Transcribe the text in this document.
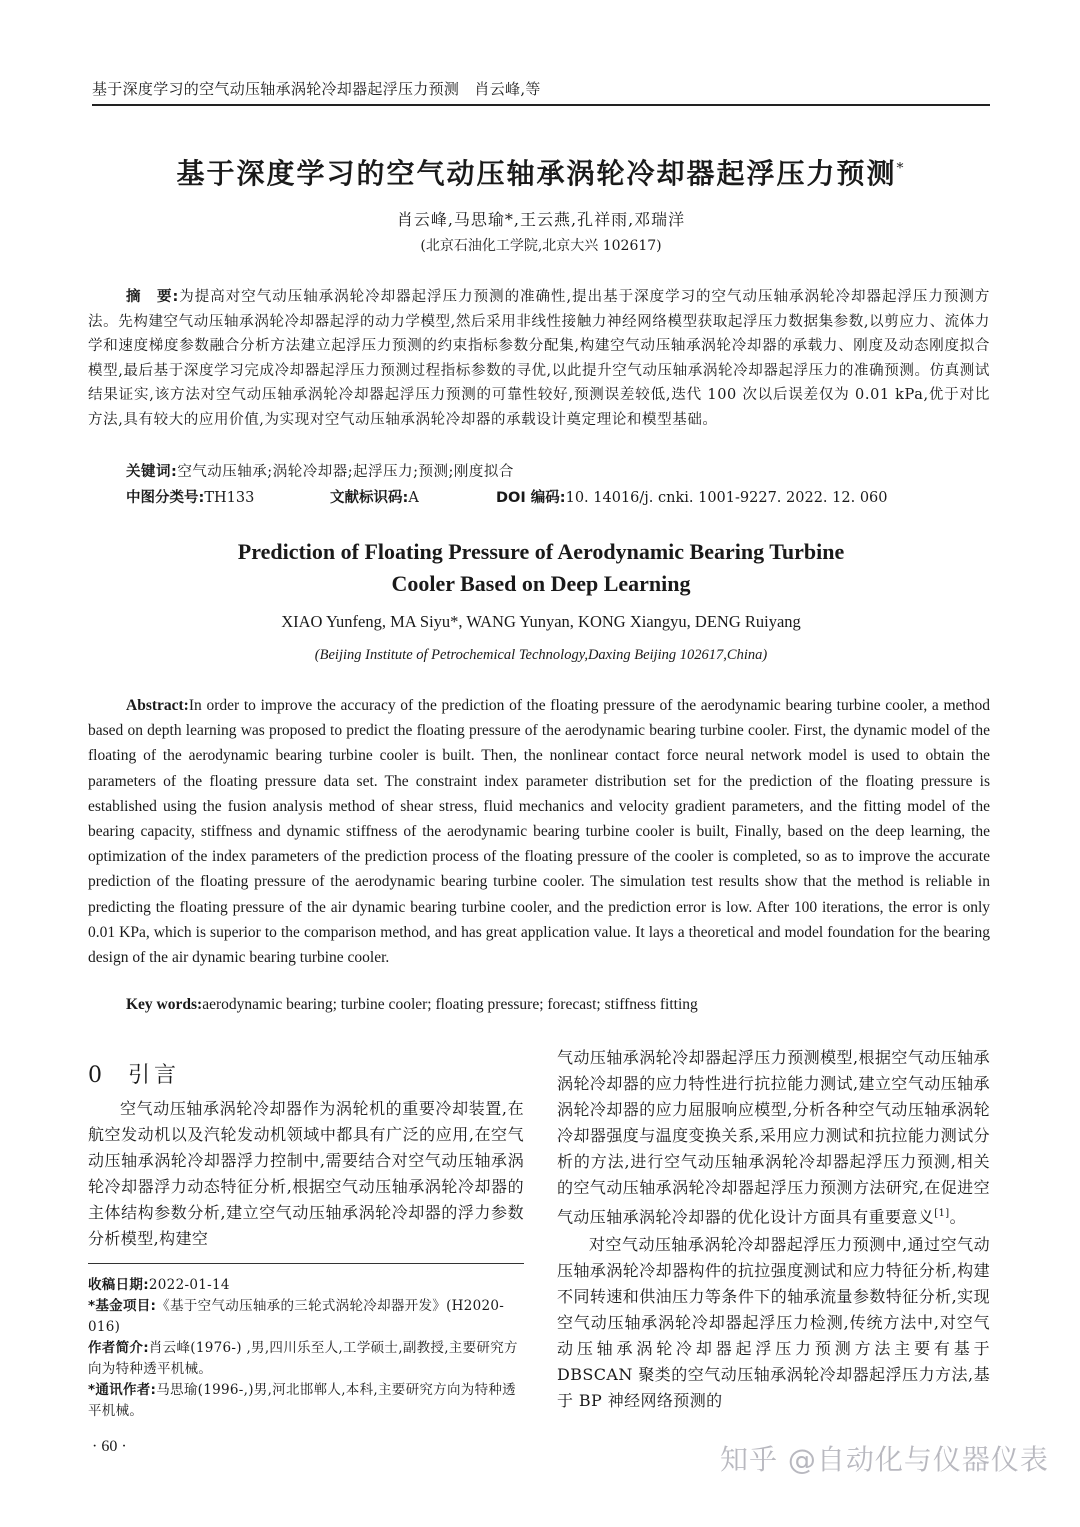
基于深度学习的空气动压轴承涡轮冷却器起浮压力预测 肖云峰,等
基于深度学习的空气动压轴承涡轮冷却器起浮压力预测*
肖云峰,马思瑜*,王云燕,孔祥雨,邓瑞洋
(北京石油化工学院,北京大兴 102617)
摘　要:为提高对空气动压轴承涡轮冷却器起浮压力预测的准确性,提出基于深度学习的空气动压轴承涡轮冷却器起浮压力预测方法。先构建空气动压轴承涡轮冷却器起浮的动力学模型,然后采用非线性接触力神经网络模型获取起浮压力数据集参数,以剪应力、流体力学和速度梯度参数融合分析方法建立起浮压力预测的约束指标参数分配集,构建空气动压轴承涡轮冷却器的承载力、刚度及动态刚度拟合模型,最后基于深度学习完成冷却器起浮压力预测过程指标参数的寻优,以此提升空气动压轴承涡轮冷却器起浮压力的准确预测。仿真测试结果证实,该方法对空气动压轴承涡轮冷却器起浮压力预测的可靠性较好,预测误差较低,迭代 100 次以后误差仅为 0.01 kPa,优于对比方法,具有较大的应用价值,为实现对空气动压轴承涡轮冷却器的承载设计奠定理论和模型基础。
关键词:空气动压轴承;涡轮冷却器;起浮压力;预测;刚度拟合
中图分类号:TH133	文献标识码:A	DOI 编码:10. 14016/j. cnki. 1001-9227. 2022. 12. 060
Prediction of Floating Pressure of Aerodynamic Bearing Turbine
Cooler Based on Deep Learning
XIAO Yunfeng, MA Siyu*, WANG Yunyan, KONG Xiangyu, DENG Ruiyang
(Beijing Institute of Petrochemical Technology,Daxing Beijing 102617,China)
Abstract:In order to improve the accuracy of the prediction of the floating pressure of the aerodynamic bearing turbine cooler, a method based on depth learning was proposed to predict the floating pressure of the aerodynamic bearing turbine cooler. First, the dynamic model of the floating of the aerodynamic bearing turbine cooler is built. Then, the nonlinear contact force neural network model is used to obtain the parameters of the floating pressure data set. The constraint index parameter distribution set for the prediction of the floating pressure is established using the fusion analysis method of shear stress, fluid mechanics and velocity gradient parameters, and the fitting model of the bearing capacity, stiffness and dynamic stiffness of the aerodynamic bearing turbine cooler is built, Finally, based on the deep learning, the optimization of the index parameters of the prediction process of the floating pressure of the cooler is completed, so as to improve the accurate prediction of the floating pressure of the aerodynamic bearing turbine cooler. The simulation test results show that the method is reliable in predicting the floating pressure of the air dynamic bearing turbine cooler, and the prediction error is low. After 100 iterations, the error is only 0.01 KPa, which is superior to the comparison method, and has great application value. It lays a theoretical and model foundation for the bearing design of the air dynamic bearing turbine cooler.
Key words:aerodynamic bearing; turbine cooler; floating pressure; forecast; stiffness fitting
0 引言
空气动压轴承涡轮冷却器作为涡轮机的重要冷却装置,在航空发动机以及汽轮发动机领域中都具有广泛的应用,在空气动压轴承涡轮冷却器浮力控制中,需要结合对空气动压轴承涡轮冷却器浮力动态特征分析,根据空气动压轴承涡轮冷却器的主体结构参数分析,建立空气动压轴承涡轮冷却器的浮力参数分析模型,构建空

气动压轴承涡轮冷却器起浮压力预测模型,根据空气动压轴承涡轮冷却器的应力特性进行抗拉能力测试,建立空气动压轴承涡轮冷却器的应力屈服响应模型,分析各种空气动压轴承涡轮冷却器强度与温度变换关系,采用应力测试和抗拉能力测试分析的方法,进行空气动压轴承涡轮冷却器起浮压力预测,相关的空气动压轴承涡轮冷却器起浮压力预测方法研究,在促进空气动压轴承涡轮冷却器的优化设计方面具有重要意义[1]。

对空气动压轴承涡轮冷却器起浮压力预测中,通过空气动压轴承涡轮冷却器构件的抗拉强度测试和应力特征分析,构建不同转速和供油压力等条件下的轴承流量参数特征分析,实现空气动压轴承涡轮冷却器起浮压力检测,传统方法中,对空气动压轴承涡轮冷却器起浮压力预测方法主要有基于 DBSCAN 聚类的空气动压轴承涡轮冷却器起浮压力方法,基于 BP 神经网络预测的

收稿日期:2022-01-14

*基金项目:《基于空气动压轴承的三轮式涡轮冷却器开发》(H2020-016)

作者简介:肖云峰(1976-) ,男,四川乐至人,工学硕士,副教授,主要研究方向为特种透平机械。

*通讯作者:马思瑜(1996-,)男,河北邯郸人,本科,主要研究方向为特种透平机械。

· 60 ·	知乎 @自动化与仪器仪表
